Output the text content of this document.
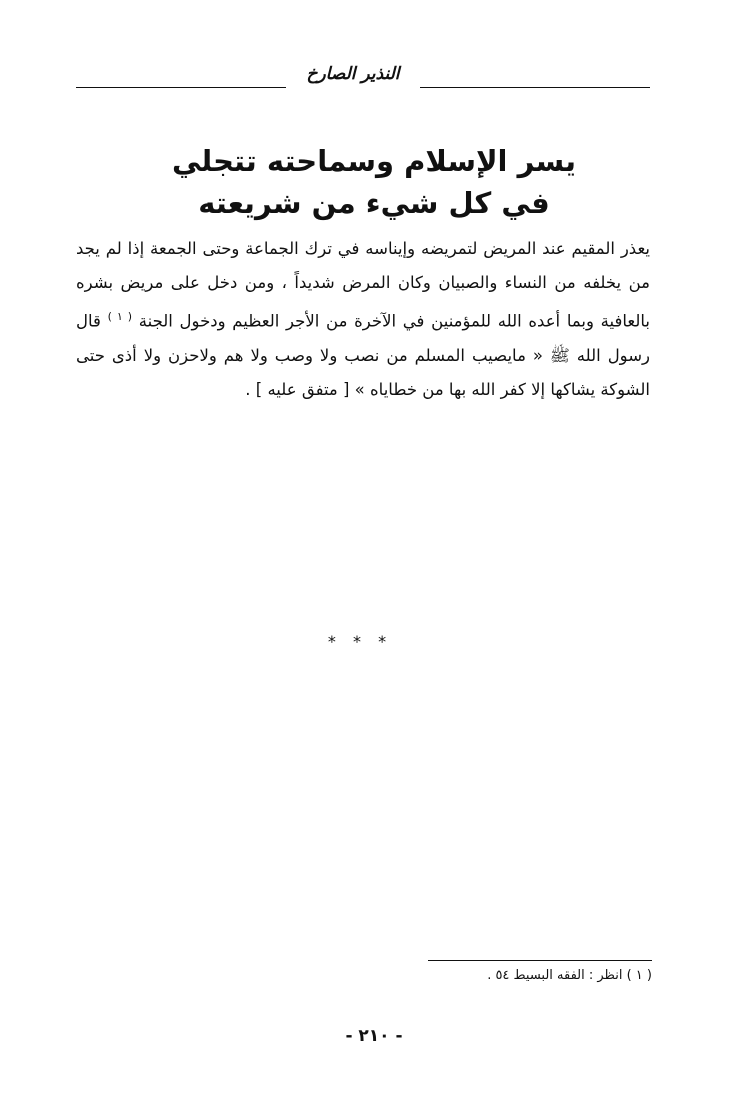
النذير الصارخ
يسر الإسلام وسماحته تتجلي
في كل شيء من شريعته

يعذر المقيم عند المريض لتمريضه وإيناسه في ترك الجماعة وحتى الجمعة إذا لم يجد من يخلفه من النساء والصبيان وكان المرض شديداً ، ومن دخل على مريض بشره بالعافية وبما أعده الله للمؤمنين في الآخرة من الأجر العظيم ودخول الجنة $^{( ١ )}$ قال رسول الله ﷺ « مايصيب المسلم من نصب ولا وصب ولا هم ولاحزن ولا أذى حتى الشوكة يشاكها إلا كفر الله بها من خطاياه » [ متفق عليه ] .

* * *
( ١ ) انظر : الفقه البسيط ٥٤ .
- ٢١٠ -
